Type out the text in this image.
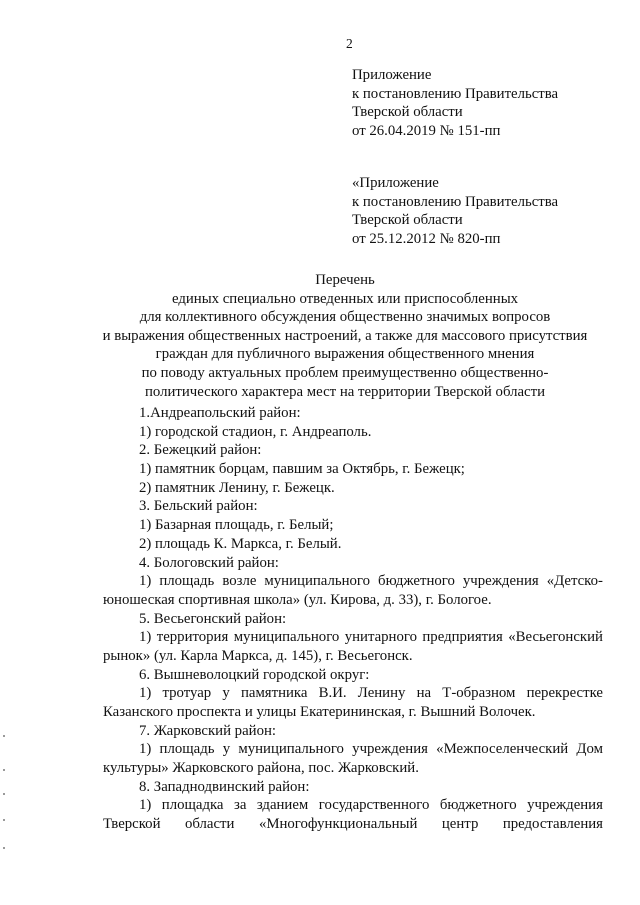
2
Приложение
к постановлению Правительства
Тверской области
от 26.04.2019 № 151-пп
«Приложение
к постановлению Правительства
Тверской области
от 25.12.2012 № 820-пп
Перечень
единых специально отведенных или приспособленных
для коллективного обсуждения общественно значимых вопросов
и выражения общественных настроений, а также для массового присутствия
граждан для публичного выражения общественного мнения
по поводу актуальных проблем преимущественно общественно-
политического характера мест на территории Тверской области
1.Андреапольский район:
1) городской стадион, г. Андреаполь.
2. Бежецкий район:
1) памятник борцам, павшим за Октябрь, г. Бежецк;
2) памятник Ленину, г. Бежецк.
3. Бельский район:
1) Базарная площадь, г. Белый;
2) площадь К. Маркса, г. Белый.
4. Бологовский район:
1) площадь возле муниципального бюджетного учреждения «Детско-
юношеская спортивная школа» (ул. Кирова, д. 33), г. Бологое.
5. Весьегонский район:
1) территория муниципального унитарного предприятия «Весьегонский
рынок» (ул. Карла Маркса, д. 145), г. Весьегонск.
6. Вышневолоцкий городской округ:
1) тротуар у памятника В.И. Ленину на Т-образном перекрестке
Казанского проспекта и улицы Екатерининская, г. Вышний Волочек.
7. Жарковский район:
1) площадь у муниципального учреждения «Межпоселенческий Дом
культуры» Жарковского района, пос. Жарковский.
8. Западнодвинский район:
1) площадка за зданием государственного бюджетного учреждения
Тверской области «Многофункциональный центр предоставления
